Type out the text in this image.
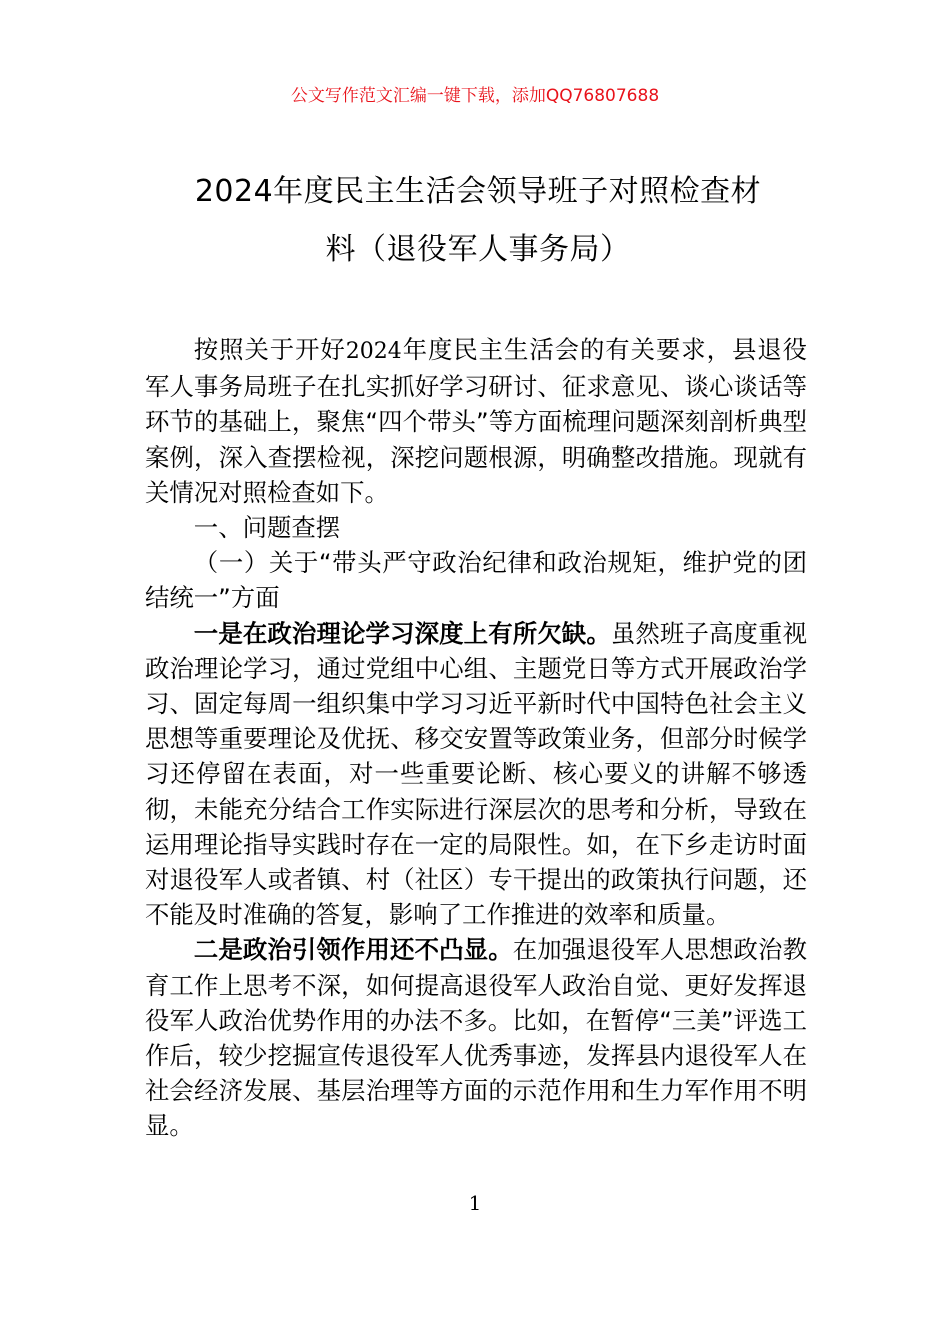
公文写作范文汇编一键下载，添加QQ76807688
2024年度民主生活会领导班子对照检查材
料（退役军人事务局）

按照关于开好2024年度民主生活会的有关要求，县退役军人事务局班子在扎实抓好学习研讨、征求意见、谈心谈话等环节的基础上，聚焦“四个带头”等方面梳理问题深刻剖析典型案例，深入查摆检视，深挖问题根源，明确整改措施。现就有关情况对照检查如下。

一、问题查摆

（一）关于“带头严守政治纪律和政治规矩，维护党的团结统一”方面

一是在政治理论学习深度上有所欠缺。虽然班子高度重视政治理论学习，通过党组中心组、主题党日等方式开展政治学习、固定每周一组织集中学习习近平新时代中国特色社会主义思想等重要理论及优抚、移交安置等政策业务，但部分时候学习还停留在表面，对一些重要论断、核心要义的讲解不够透彻，未能充分结合工作实际进行深层次的思考和分析，导致在运用理论指导实践时存在一定的局限性。如，在下乡走访时面对退役军人或者镇、村（社区）专干提出的政策执行问题，还不能及时准确的答复，影响了工作推进的效率和质量。

二是政治引领作用还不凸显。在加强退役军人思想政治教育工作上思考不深，如何提高退役军人政治自觉、更好发挥退役军人政治优势作用的办法不多。比如，在暂停“三美”评选工作后，较少挖掘宣传退役军人优秀事迹，发挥县内退役军人在社会经济发展、基层治理等方面的示范作用和生力军作用不明显。

1
